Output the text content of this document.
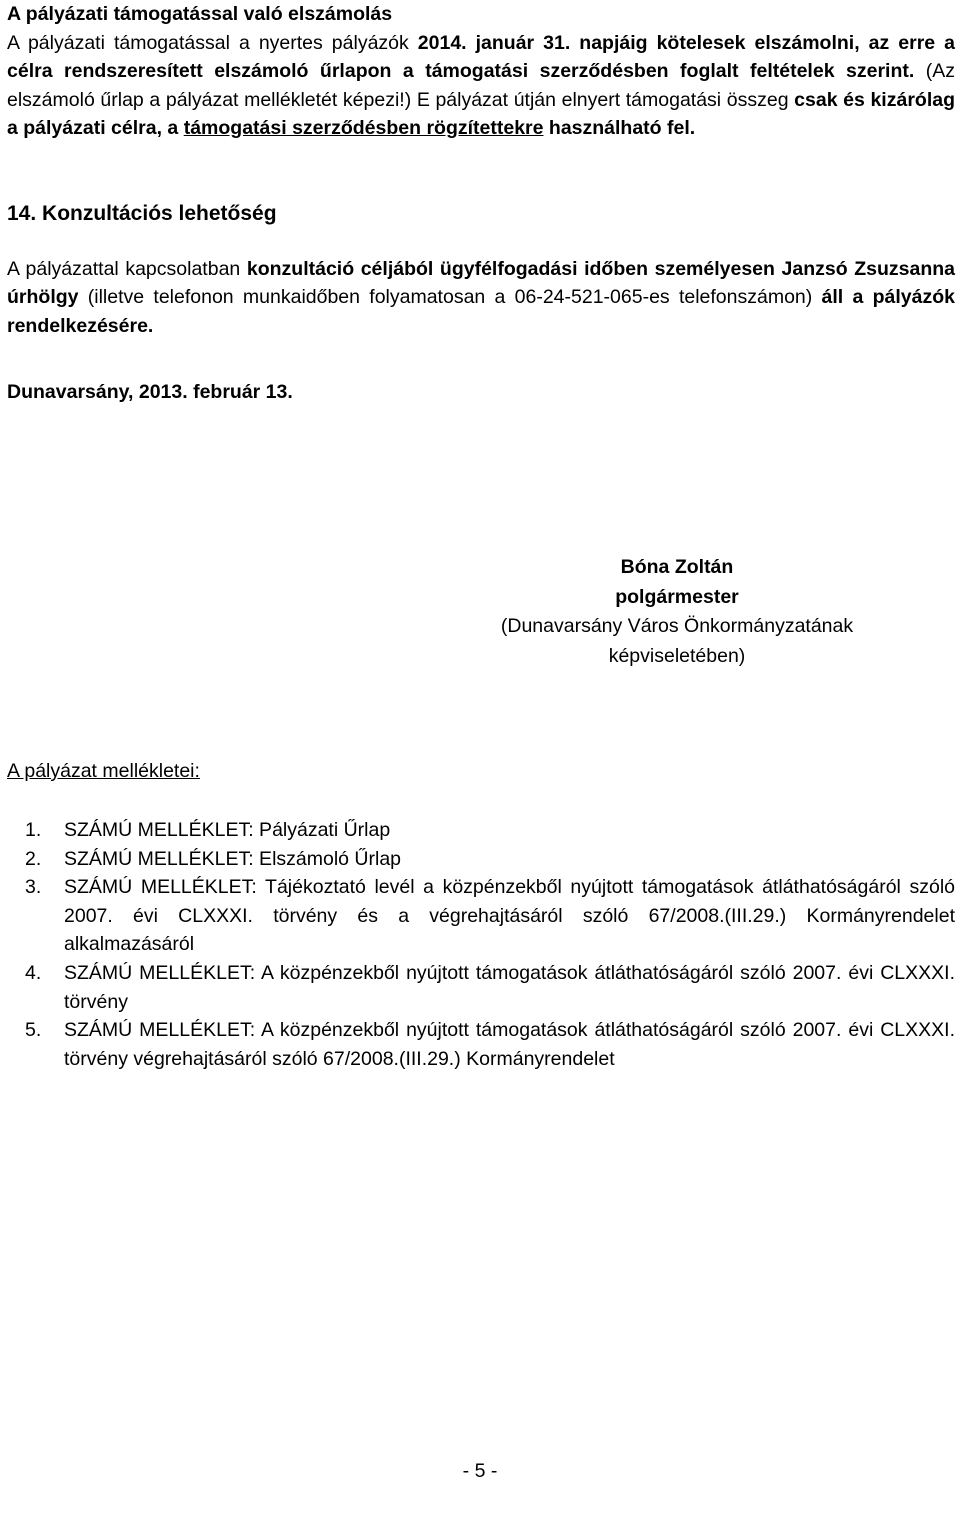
A pályázati támogatással való elszámolás

A pályázati támogatással a nyertes pályázók 2014. január 31. napjáig kötelesek elszámolni, az erre a célra rendszeresített elszámoló űrlapon a támogatási szerződésben foglalt feltételek szerint. (Az elszámoló űrlap a pályázat mellékletét képezi!) E pályázat útján elnyert támogatási összeg csak és kizárólag a pályázati célra, a támogatási szerződésben rögzítettekre használható fel.

14. Konzultációs lehetőség

A pályázattal kapcsolatban konzultáció céljából ügyfélfogadási időben személyesen Janzsó Zsuzsanna úrhölgy (illetve telefonon munkaidőben folyamatosan a 06-24-521-065-es telefonszámon) áll a pályázók rendelkezésére.

Dunavarsány, 2013. február 13.
Bóna Zoltán
polgármester
(Dunavarsány Város Önkormányzatának
képviseletében)
A pályázat mellékletei:
1. SZÁMÚ MELLÉKLET: Pályázati Űrlap
2. SZÁMÚ MELLÉKLET: Elszámoló Űrlap
3. SZÁMÚ MELLÉKLET: Tájékoztató levél a közpénzekből nyújtott támogatások átláthatóságáról szóló 2007. évi CLXXXI. törvény és a végrehajtásáról szóló 67/2008.(III.29.) Kormányrendelet alkalmazásáról
4. SZÁMÚ MELLÉKLET: A közpénzekből nyújtott támogatások átláthatóságáról szóló 2007. évi CLXXXI. törvény
5. SZÁMÚ MELLÉKLET: A közpénzekből nyújtott támogatások átláthatóságáról szóló 2007. évi CLXXXI. törvény végrehajtásáról szóló 67/2008.(III.29.) Kormányrendelet
- 5 -
